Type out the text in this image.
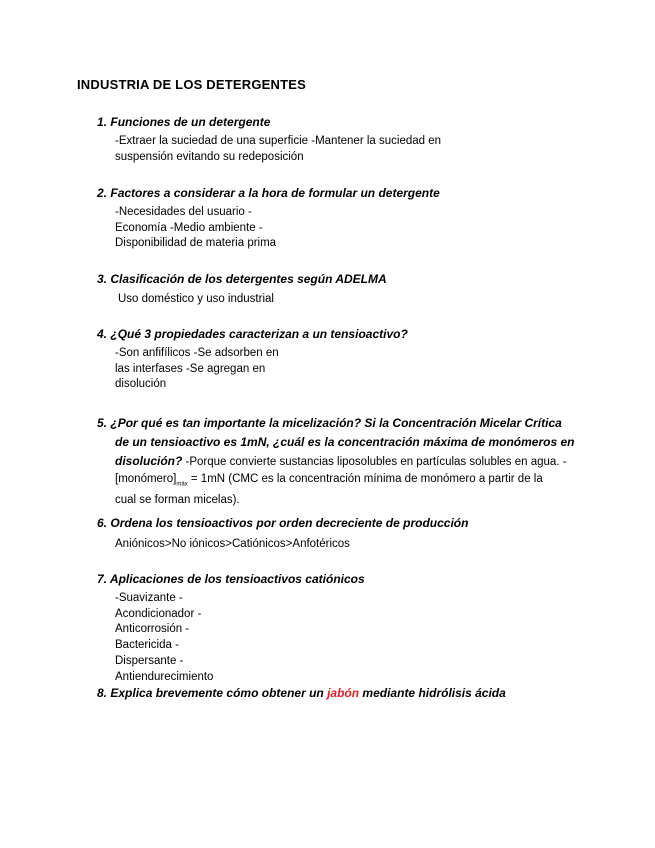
INDUSTRIA DE LOS DETERGENTES
1. Funciones de un detergente
-Extraer la suciedad de una superficie -Mantener la suciedad en
suspensión evitando su redeposición
2. Factores a considerar a la hora de formular un detergente
-Necesidades del usuario -
Economía -Medio ambiente -
Disponibilidad de materia prima
3. Clasificación de los detergentes según ADELMA
Uso doméstico y uso industrial
4. ¿Qué 3 propiedades caracterizan a un tensioactivo?
-Son anfifílicos -Se adsorben en
las interfases -Se agregan en
disolución
5. ¿Por qué es tan importante la micelización? Si la Concentración Micelar Crítica
de un tensioactivo es 1mN, ¿cuál es la concentración máxima de monómeros en
disolución? -Porque convierte sustancias liposolubles en partículas solubles en agua. -
$[monómero]_{máx} = 1mN$ (CMC es la concentración mínima de monómero a partir de la
cual se forman micelas).
6. Ordena los tensioactivos por orden decreciente de producción
Aniónicos>No iónicos>Catiónicos>Anfotéricos
7. Aplicaciones de los tensioactivos catiónicos
-Suavizante -
Acondicionador -
Anticorrosión -
Bactericida -
Dispersante -
Antiendurecimiento
8. Explica brevemente cómo obtener un jabón mediante hidrólisis ácida
